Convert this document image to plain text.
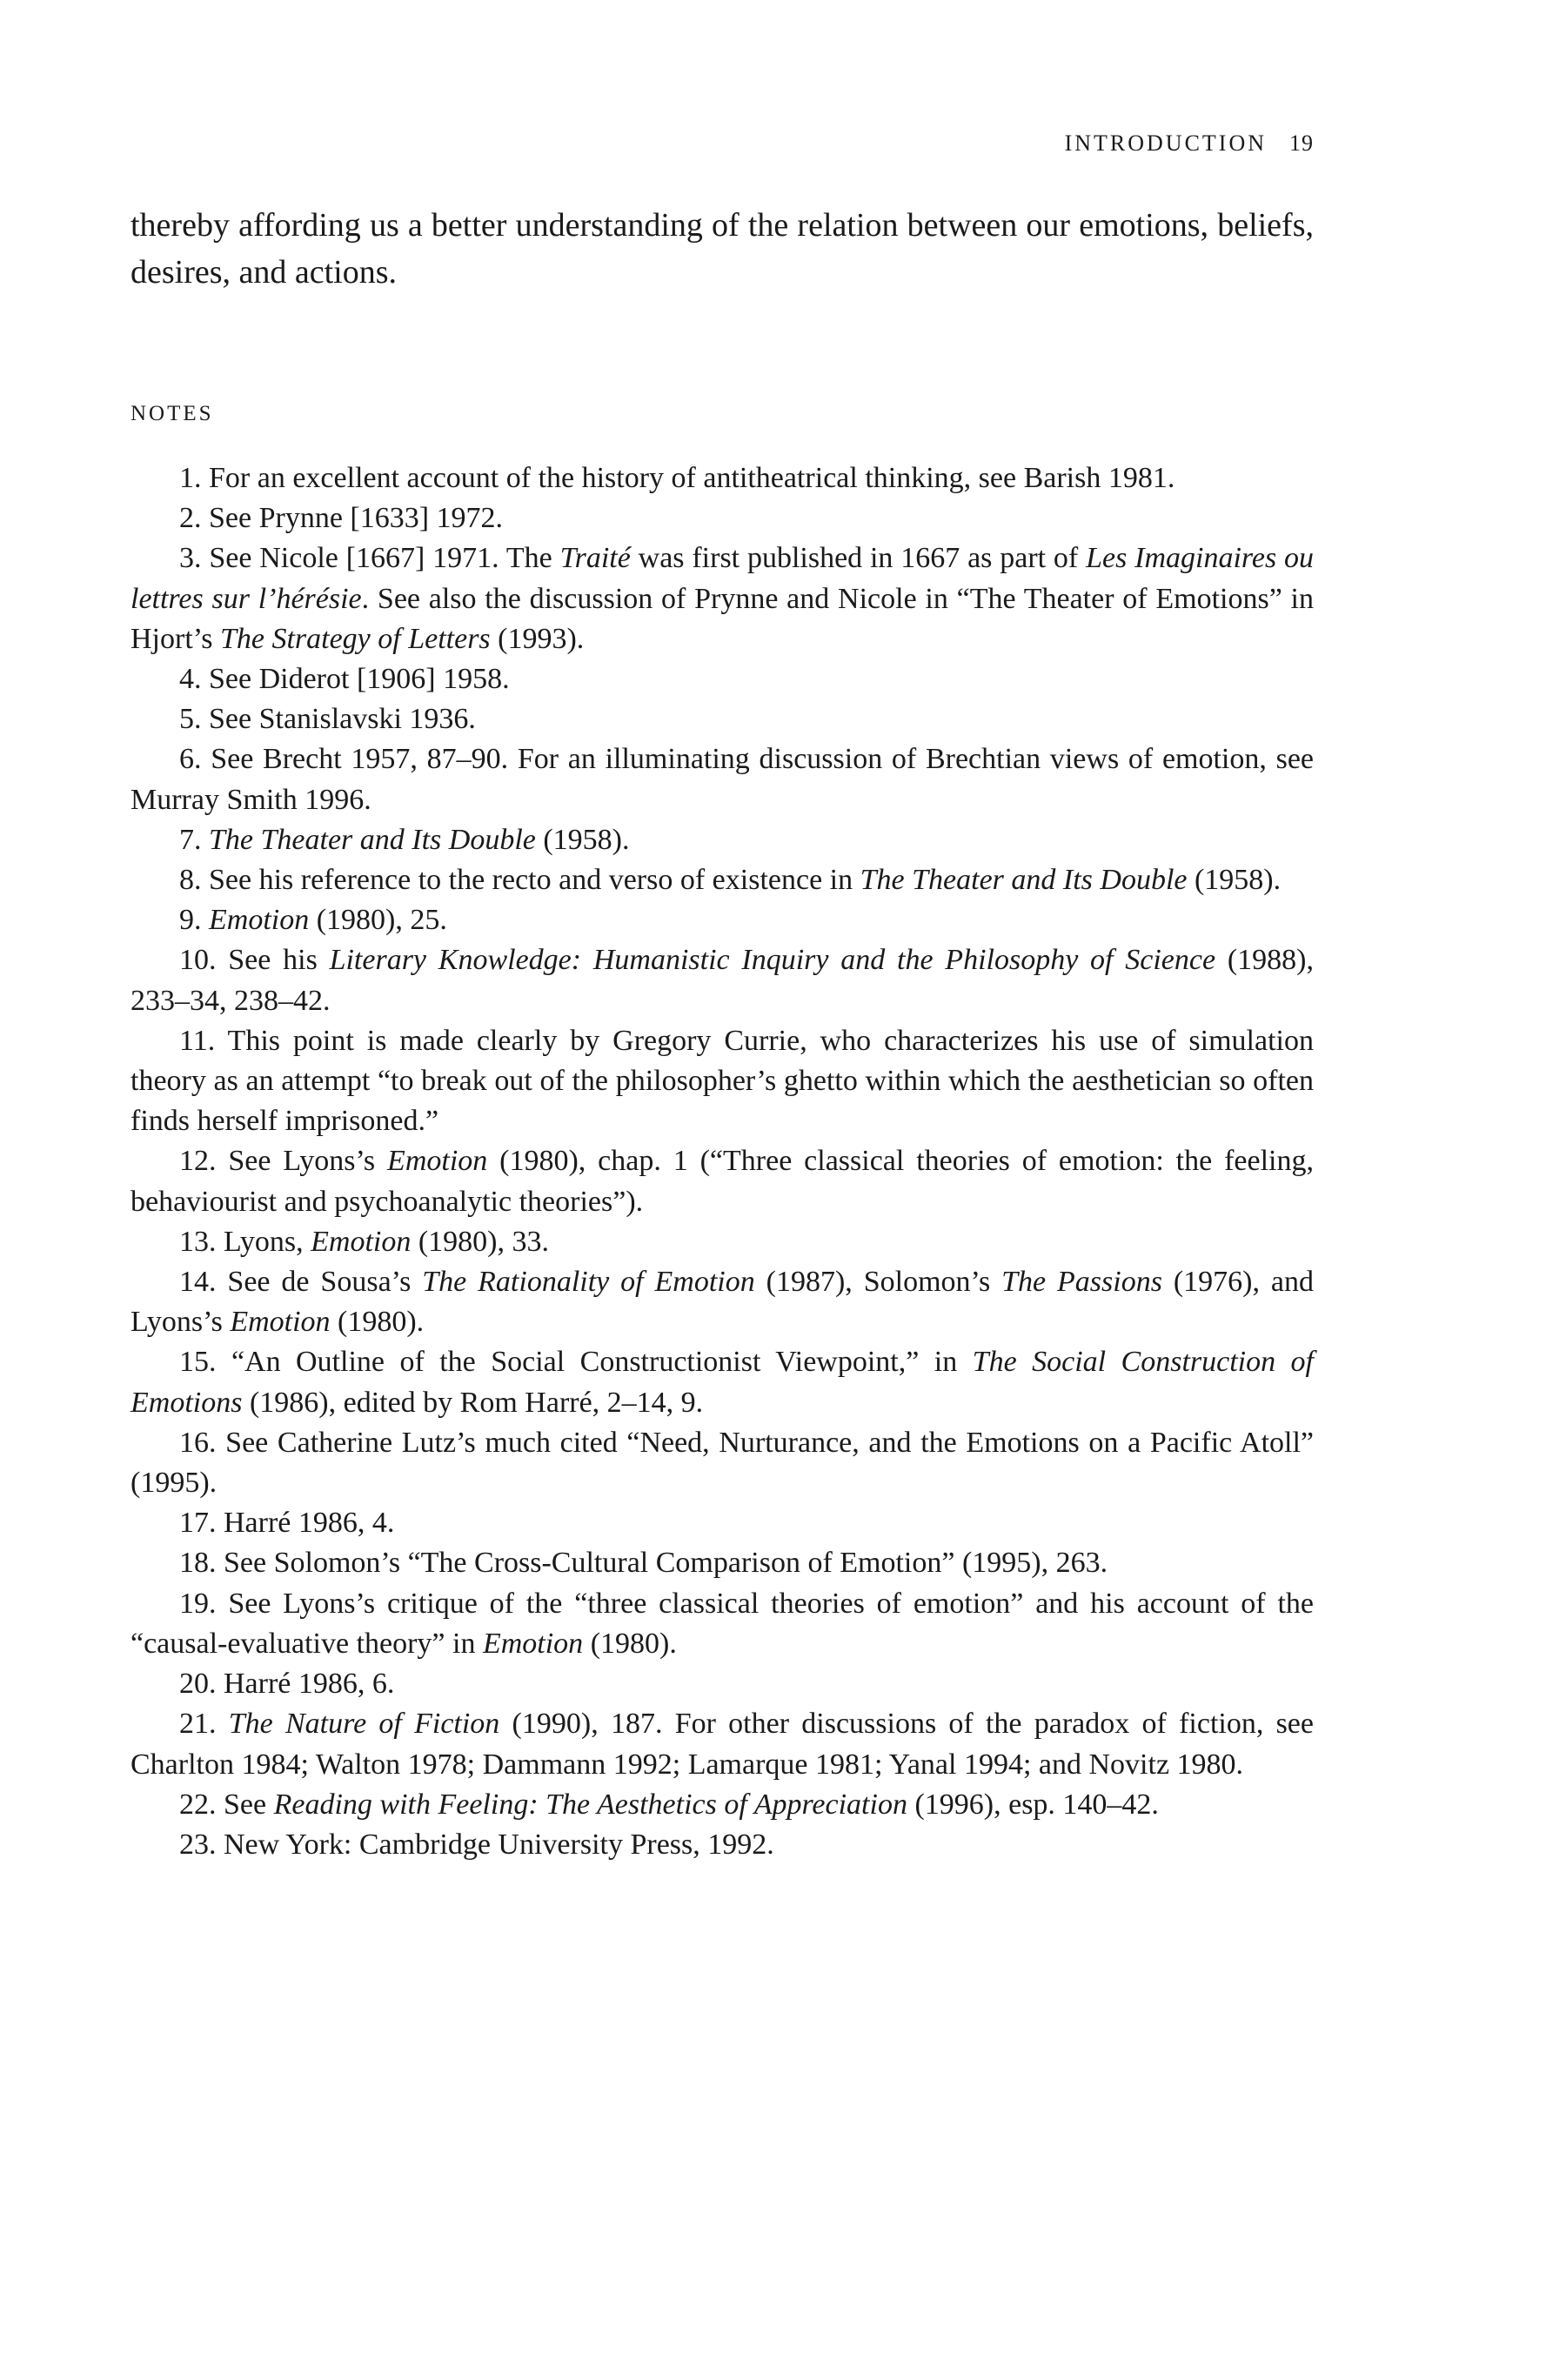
INTRODUCTION 19

thereby affording us a better understanding of the relation between our emotions, beliefs, desires, and actions.

NOTES
1. For an excellent account of the history of antitheatrical thinking, see Barish 1981.
2. See Prynne [1633] 1972.
3. See Nicole [1667] 1971. The Traité was first published in 1667 as part of Les Imaginaires ou lettres sur l’hérésie. See also the discussion of Prynne and Nicole in “The Theater of Emotions” in Hjort’s The Strategy of Letters (1993).
4. See Diderot [1906] 1958.
5. See Stanislavski 1936.
6. See Brecht 1957, 87–90. For an illuminating discussion of Brechtian views of emotion, see Murray Smith 1996.
7. The Theater and Its Double (1958).
8. See his reference to the recto and verso of existence in The Theater and Its Double (1958).
9. Emotion (1980), 25.
10. See his Literary Knowledge: Humanistic Inquiry and the Philosophy of Science (1988), 233–34, 238–42.
11. This point is made clearly by Gregory Currie, who characterizes his use of simulation theory as an attempt “to break out of the philosopher’s ghetto within which the aesthetician so often finds herself imprisoned.”
12. See Lyons’s Emotion (1980), chap. 1 (“Three classical theories of emotion: the feeling, behaviourist and psychoanalytic theories”).
13. Lyons, Emotion (1980), 33.
14. See de Sousa’s The Rationality of Emotion (1987), Solomon’s The Passions (1976), and Lyons’s Emotion (1980).
15. “An Outline of the Social Constructionist Viewpoint,” in The Social Construction of Emotions (1986), edited by Rom Harré, 2–14, 9.
16. See Catherine Lutz’s much cited “Need, Nurturance, and the Emotions on a Pacific Atoll” (1995).
17. Harré 1986, 4.
18. See Solomon’s “The Cross-Cultural Comparison of Emotion” (1995), 263.
19. See Lyons’s critique of the “three classical theories of emotion” and his account of the “causal-evaluative theory” in Emotion (1980).
20. Harré 1986, 6.
21. The Nature of Fiction (1990), 187. For other discussions of the paradox of fiction, see Charlton 1984; Walton 1978; Dammann 1992; Lamarque 1981; Yanal 1994; and Novitz 1980.
22. See Reading with Feeling: The Aesthetics of Appreciation (1996), esp. 140–42.
23. New York: Cambridge University Press, 1992.
